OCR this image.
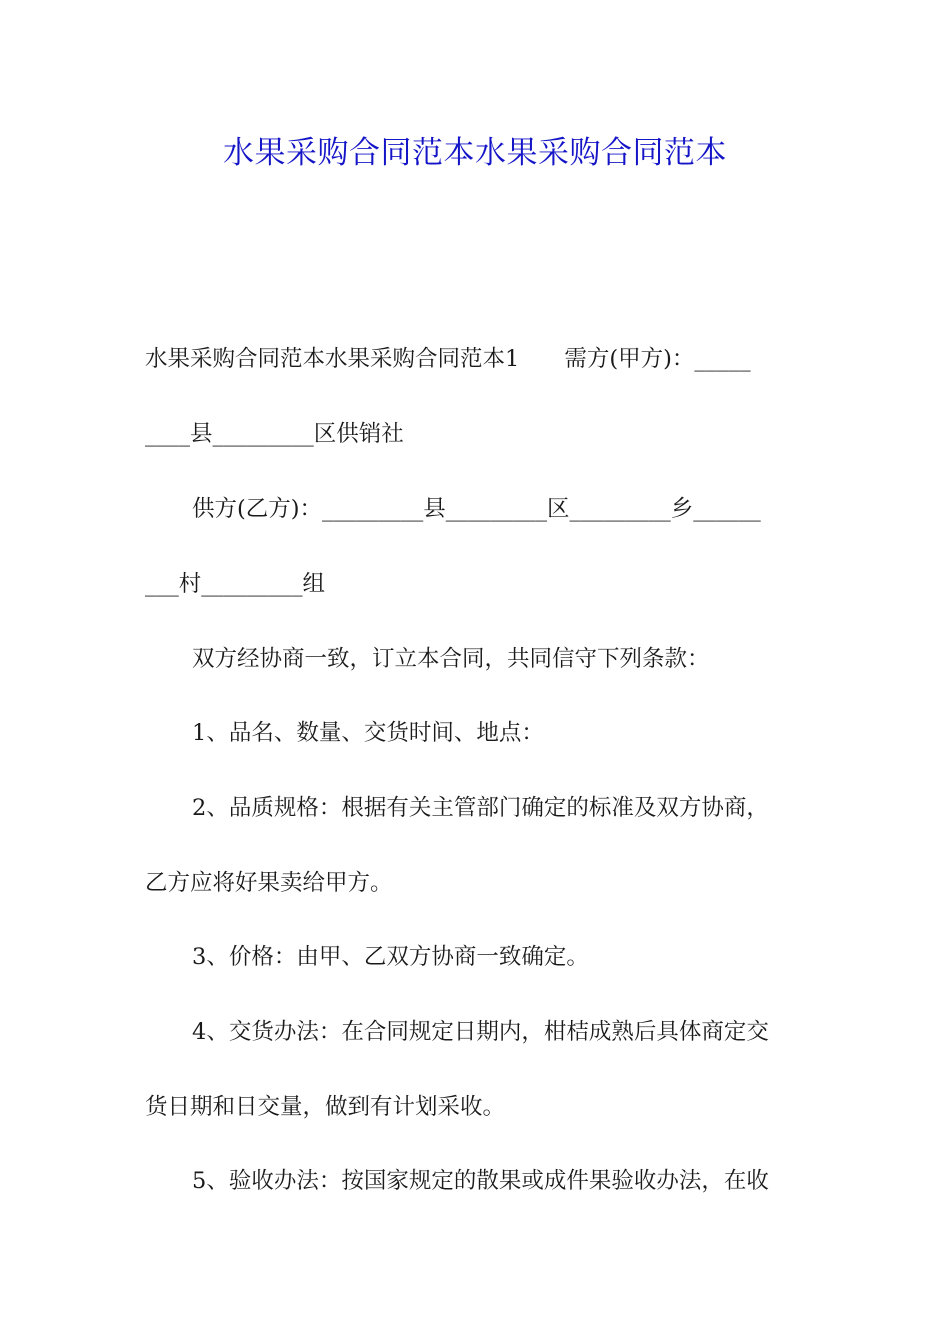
水果采购合同范本水果采购合同范本

水果采购合同范本水果采购合同范本1　　需方(甲方)：_____

____县_________区供销社

供方(乙方)：_________县_________区_________乡______

___村_________组

双方经协商一致，订立本合同，共同信守下列条款：

1、品名、数量、交货时间、地点：

2、品质规格：根据有关主管部门确定的标准及双方协商，

乙方应将好果卖给甲方。

3、价格：由甲、乙双方协商一致确定。

4、交货办法：在合同规定日期内，柑桔成熟后具体商定交

货日期和日交量，做到有计划采收。

5、验收办法：按国家规定的散果或成件果验收办法，在收
